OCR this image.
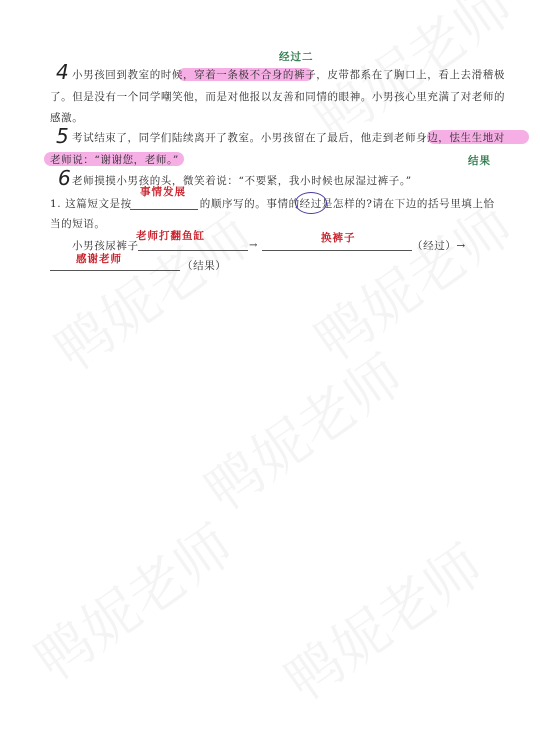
经过二
4 小男孩回到教室的时候，穿着一条极不合身的裤子，皮带都系在了胸口上，看上去滑稽极
了。但是没有一个同学嘲笑他，而是对他报以友善和同情的眼神。小男孩心里充满了对老师的
感激。
5 考试结束了，同学们陆续离开了教室。小男孩留在了最后，他走到老师身边，怯生生地对
老师说：“谢谢您，老师。”	结果
6 老师摸摸小男孩的头，微笑着说：“不要紧，我小时候也尿湿过裤子。”
事情发展
1. 这篇短文是按	的顺序写的。事情的经过是怎样的?请在下边的括号里填上恰
当的短语。
老师打翻鱼缸	换裤子
小男孩尿裤子	→	（经过）→
感谢老师
（结果）
